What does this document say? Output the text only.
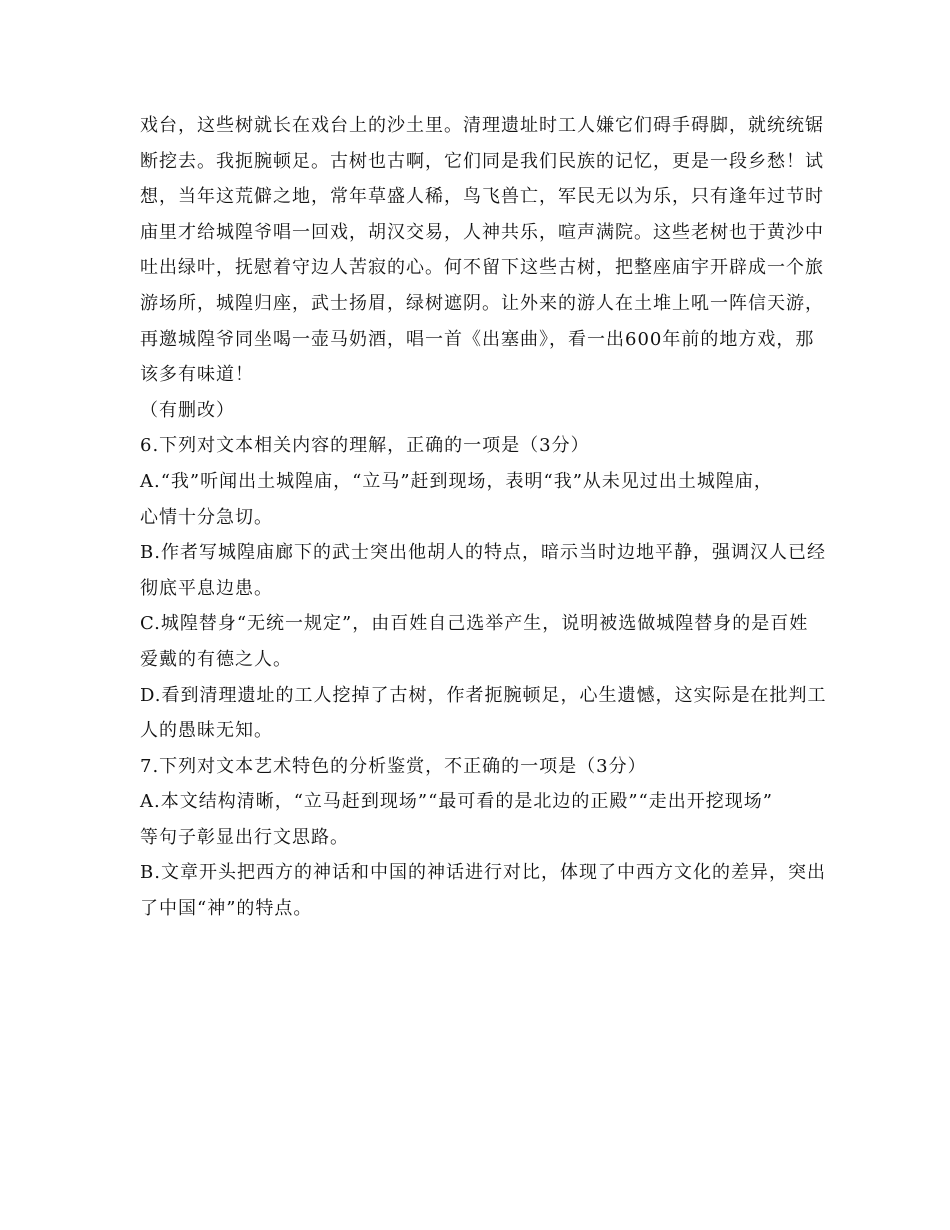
戏台，这些树就长在戏台上的沙土里。清理遗址时工人嫌它们碍手碍脚，就统统锯
断挖去。我扼腕顿足。古树也古啊，它们同是我们民族的记忆，更是一段乡愁！试
想，当年这荒僻之地，常年草盛人稀，鸟飞兽亡，军民无以为乐，只有逢年过节时
庙里才给城隍爷唱一回戏，胡汉交易，人神共乐，喧声满院。这些老树也于黄沙中
吐出绿叶，抚慰着守边人苦寂的心。何不留下这些古树，把整座庙宇开辟成一个旅
游场所，城隍归座，武士扬眉，绿树遮阴。让外来的游人在土堆上吼一阵信天游，
再邀城隍爷同坐喝一壶马奶酒，唱一首《出塞曲》，看一出600年前的地方戏，那
该多有味道！
（有删改）
6.下列对文本相关内容的理解，正确的一项是（3分）
A.“我”听闻出土城隍庙，“立马”赶到现场，表明“我”从未见过出土城隍庙，
心情十分急切。
B.作者写城隍庙廊下的武士突出他胡人的特点，暗示当时边地平静，强调汉人已经
彻底平息边患。
C.城隍替身“无统一规定”，由百姓自己选举产生，说明被选做城隍替身的是百姓
爱戴的有德之人。
D.看到清理遗址的工人挖掉了古树，作者扼腕顿足，心生遗憾，这实际是在批判工
人的愚昧无知。
7.下列对文本艺术特色的分析鉴赏，不正确的一项是（3分）
A.本文结构清晰，“立马赶到现场”“最可看的是北边的正殿”“走出开挖现场”
等句子彰显出行文思路。
B.文章开头把西方的神话和中国的神话进行对比，体现了中西方文化的差异，突出
了中国“神”的特点。
